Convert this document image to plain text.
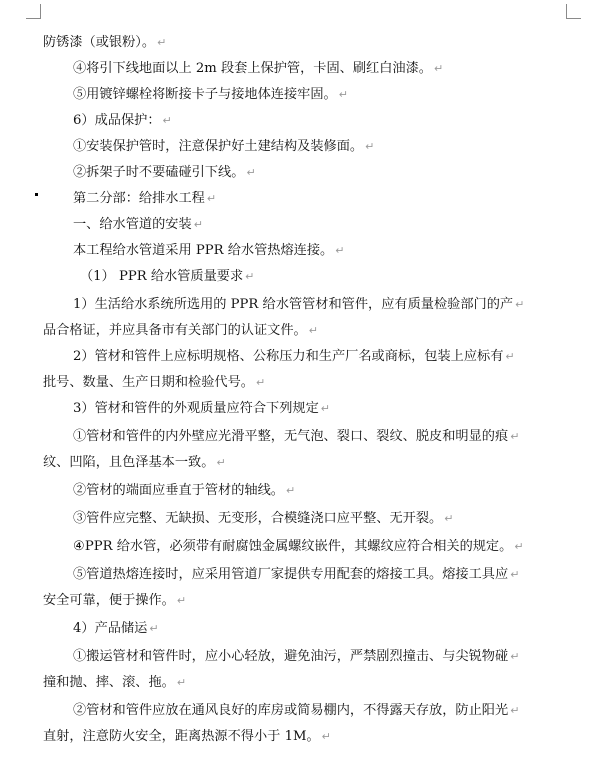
防锈漆（或银粉）。 ↵
④将引下线地面以上 2m 段套上保护管，卡固、刷红白油漆。 ↵
⑤用镀锌螺栓将断接卡子与接地体连接牢固。 ↵
6）成品保护： ↵
①安装保护管时，注意保护好土建结构及装修面。 ↵
②拆架子时不要磕碰引下线。 ↵
第二分部：给排水工程 ↵
一、给水管道的安装 ↵
本工程给水管道采用 PPR 给水管热熔连接。 ↵
（1） PPR 给水管质量要求 ↵
1）生活给水系统所选用的 PPR 给水管管材和管件，应有质量检验部门的产 ↵
品合格证，并应具备市有关部门的认证文件。 ↵
2）管材和管件上应标明规格、公称压力和生产厂名或商标，包装上应标有 ↵
批号、数量、生产日期和检验代号。 ↵
3）管材和管件的外观质量应符合下列规定 ↵
①管材和管件的内外壁应光滑平整，无气泡、裂口、裂纹、脱皮和明显的痕 ↵
纹、凹陷，且色泽基本一致。 ↵
②管材的端面应垂直于管材的轴线。 ↵
③管件应完整、无缺损、无变形，合模缝浇口应平整、无开裂。 ↵
④PPR 给水管，必须带有耐腐蚀金属螺纹嵌件，其螺纹应符合相关的规定。 ↵
⑤管道热熔连接时，应采用管道厂家提供专用配套的熔接工具。熔接工具应 ↵
安全可靠，便于操作。 ↵
4）产品储运 ↵
①搬运管材和管件时，应小心轻放，避免油污，严禁剧烈撞击、与尖锐物碰 ↵
撞和抛、摔、滚、拖。 ↵
②管材和管件应放在通风良好的库房或简易棚内，不得露天存放，防止阳光 ↵
直射，注意防火安全，距离热源不得小于 1M。 ↵
